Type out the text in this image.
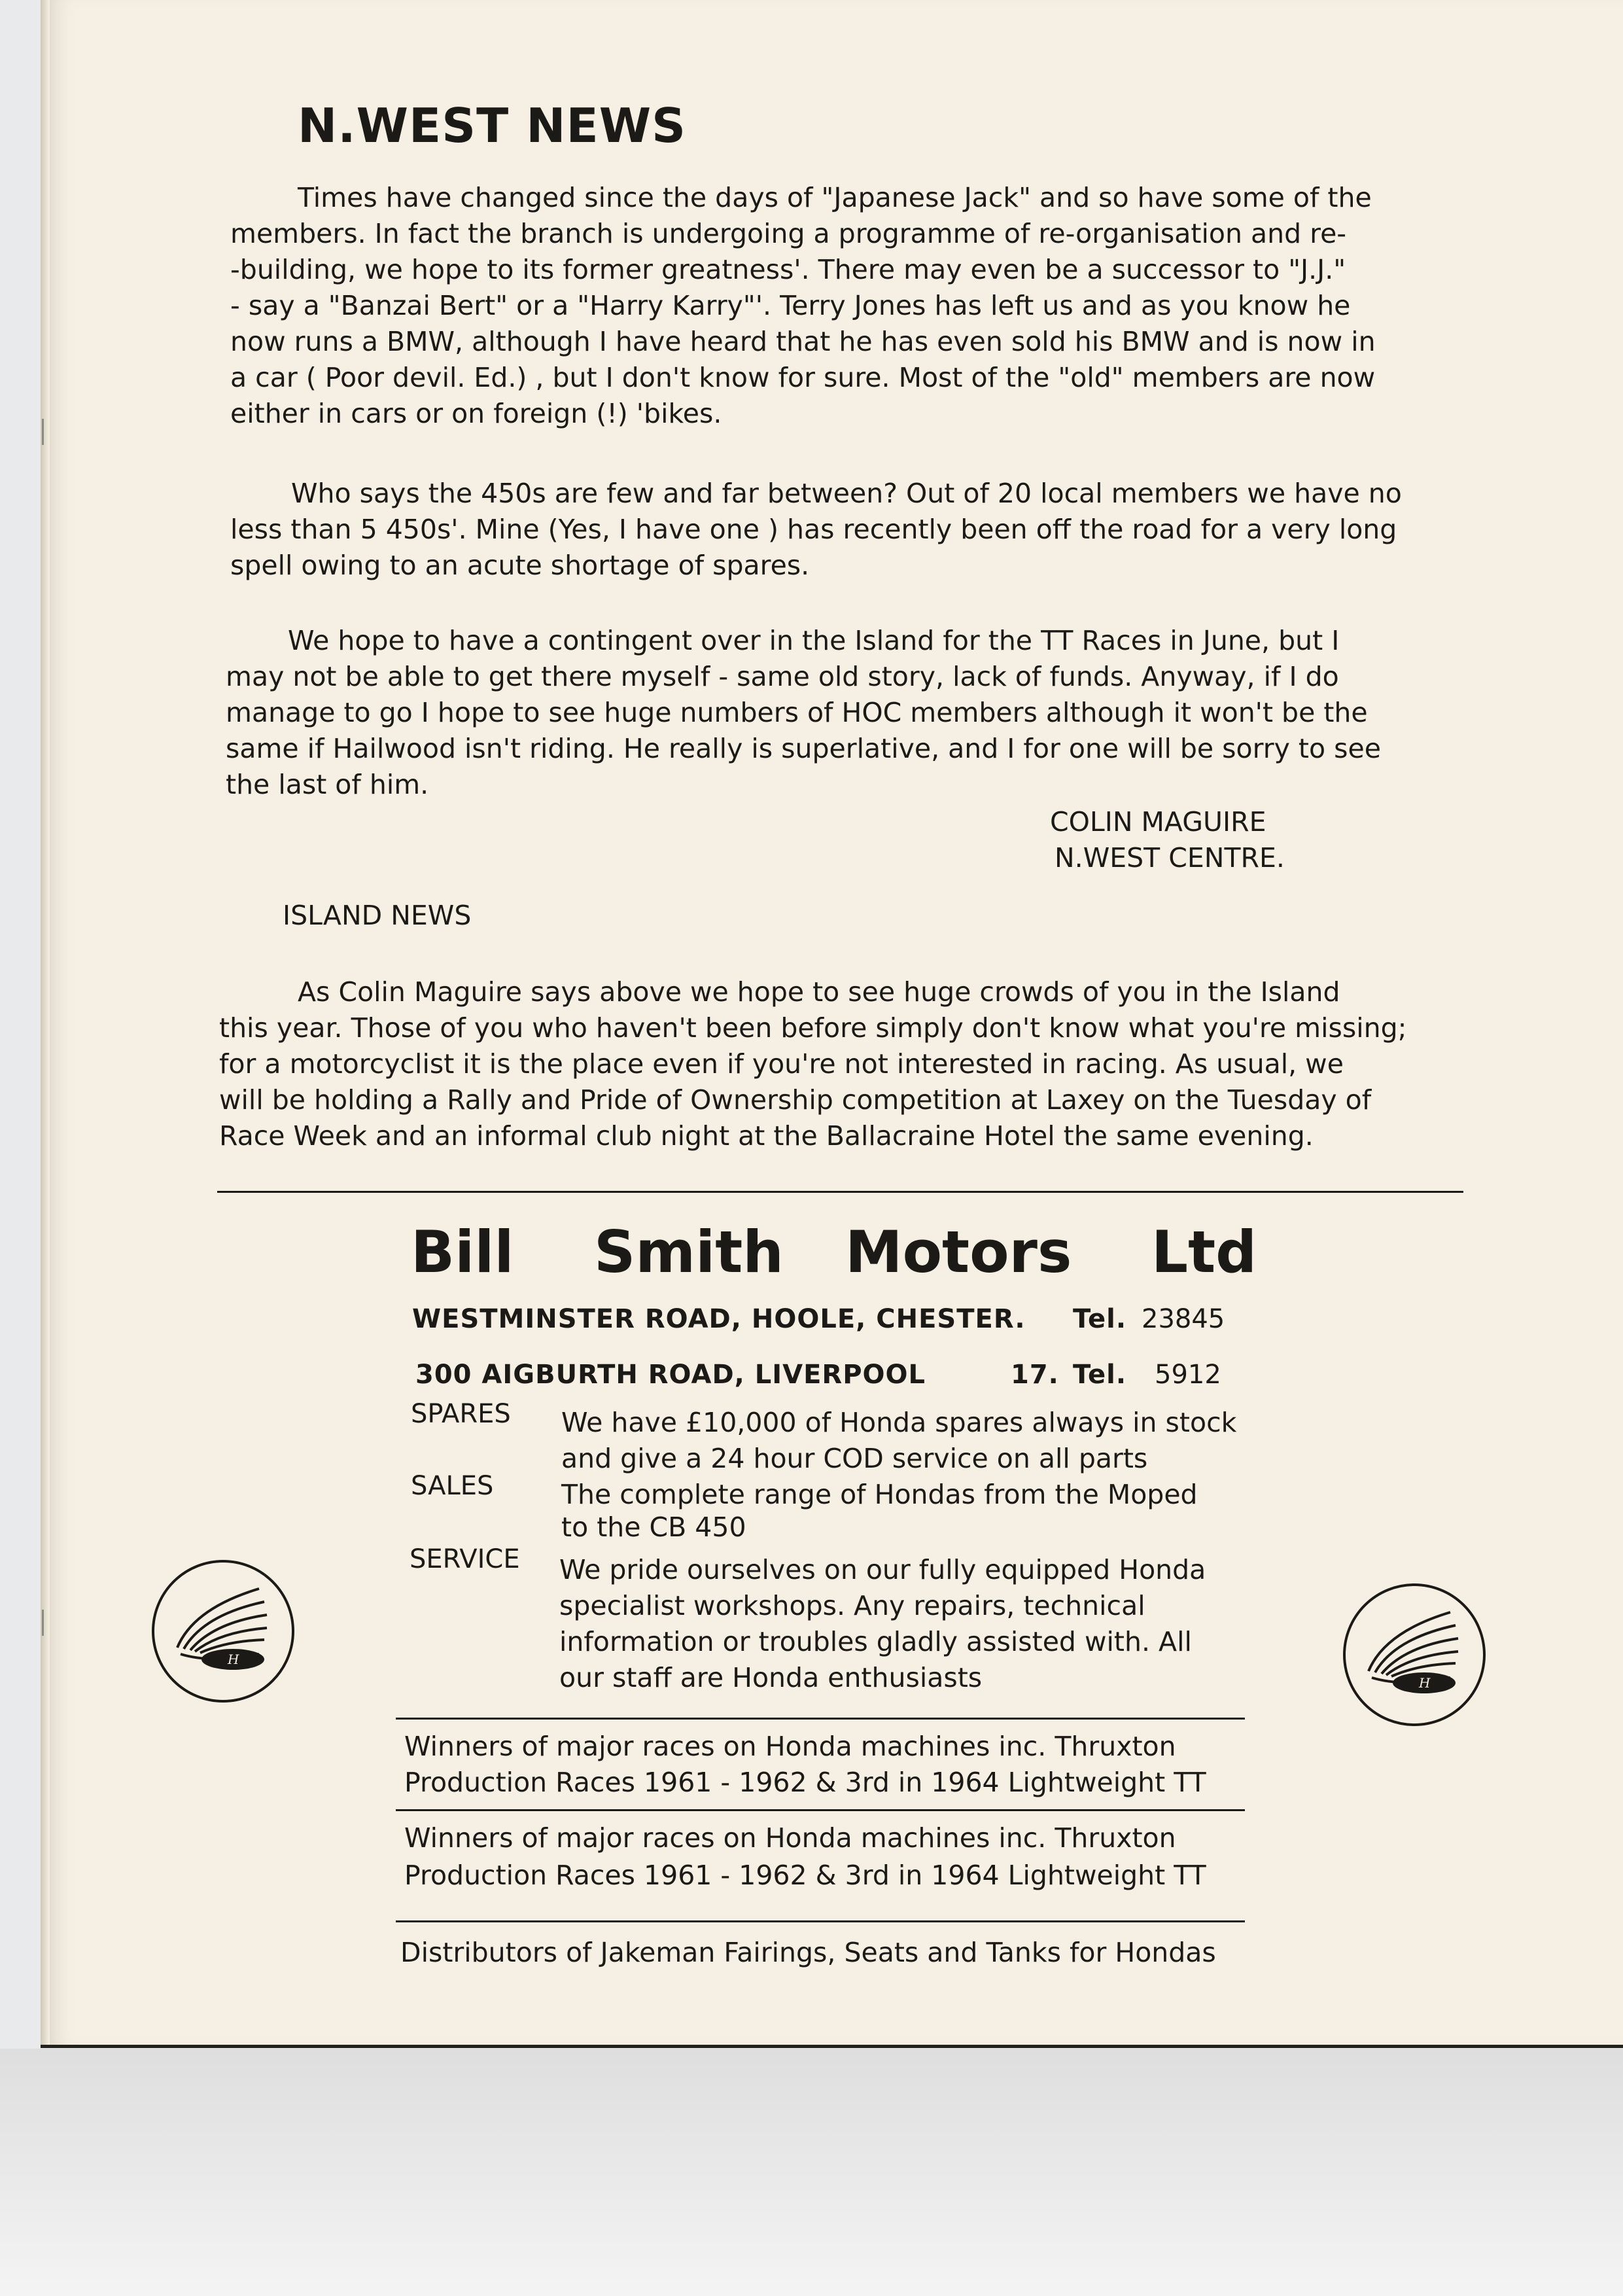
N.WEST NEWS

Times have changed since the days of "Japanese Jack" and so have some of the

members. In fact the branch is undergoing a programme of re-organisation and re-

-building, we hope to its former greatness'. There may even be a successor to "J.J."

- say a "Banzai Bert" or a "Harry Karry"'. Terry Jones has left us and as you know he

now runs a BMW, although I have heard that he has even sold his BMW and is now in

a car ( Poor devil. Ed.) , but I don't know for sure. Most of the "old" members are now

either in cars or on foreign (!) 'bikes.

Who says the 450s are few and far between? Out of 20 local members we have no

less than 5 450s'. Mine (Yes, I have one ) has recently been off the road for a very long

spell owing to an acute shortage of spares.

We hope to have a contingent over in the Island for the TT Races in June, but I

may not be able to get there myself - same old story, lack of funds. Anyway, if I do

manage to go I hope to see huge numbers of HOC members although it won't be the

same if Hailwood isn't riding. He really is superlative, and I for one will be sorry to see

the last of him.

COLIN MAGUIRE
N.WEST CENTRE.
ISLAND NEWS

As Colin Maguire says above we hope to see huge crowds of you in the Island

this year. Those of you who haven't been before simply don't know what you're missing;

for a motorcyclist it is the place even if you're not interested in racing. As usual, we

will be holding a Rally and Pride of Ownership competition at Laxey on the Tuesday of

Race Week and an informal club night at the Ballacraine Hotel the same evening.

Bill Smith Motors Ltd
WESTMINSTER ROAD, HOOLE, CHESTER. Tel. 23845
300 AIGBURTH ROAD, LIVERPOOL	17. Tel. 5912
SPARES We have £10,000 of Honda spares always in stock
and give a 24 hour COD service on all parts
SALES	The complete range of Hondas from the Moped
to the CB 450
SERVICE We pride ourselves on our fully equipped Honda
specialist workshops. Any repairs, technical
information or troubles gladly assisted with. All
our staff are Honda enthusiasts
H
H
Winners of major races on Honda machines inc. Thruxton
Production Races 1961 - 1962 & 3rd in 1964 Lightweight TT
Winners of major races on Honda machines inc. Thruxton
Production Races 1961 - 1962 & 3rd in 1964 Lightweight TT
Distributors of Jakeman Fairings, Seats and Tanks for Hondas
